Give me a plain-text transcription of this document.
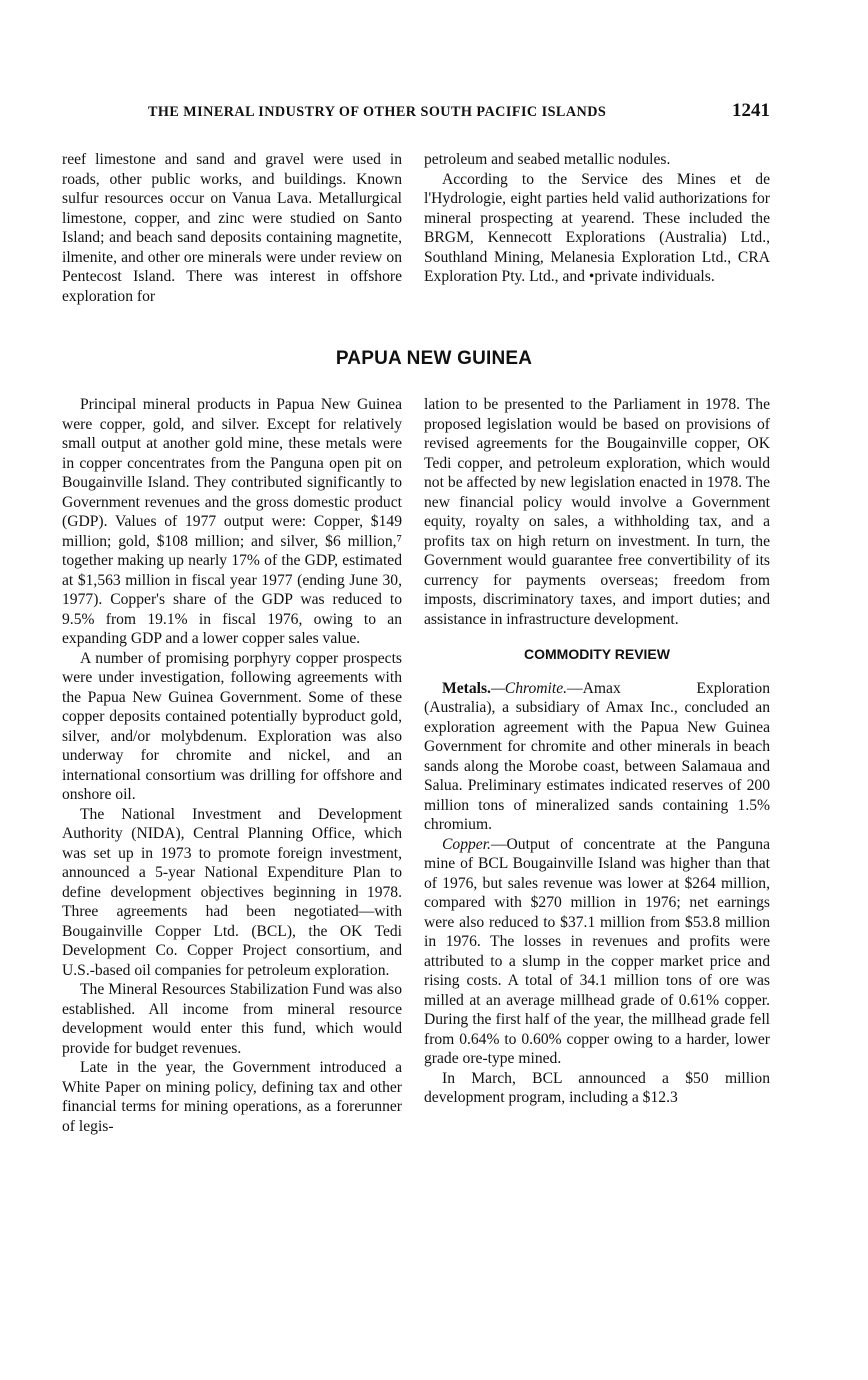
THE MINERAL INDUSTRY OF OTHER SOUTH PACIFIC ISLANDS	1241

reef limestone and sand and gravel were used in roads, other public works, and buildings. Known sulfur resources occur on Vanua Lava. Metallurgical limestone, copper, and zinc were studied on Santo Island; and beach sand deposits containing magnetite, ilmenite, and other ore minerals were under review on Pentecost Island. There was interest in offshore exploration for

petroleum and seabed metallic nodules.

According to the Service des Mines et de l'Hydrologie, eight parties held valid authorizations for mineral prospecting at yearend. These included the BRGM, Kennecott Explorations (Australia) Ltd., Southland Mining, Melanesia Exploration Ltd., CRA Exploration Pty. Ltd., and •private individuals.

PAPUA NEW GUINEA

Principal mineral products in Papua New Guinea were copper, gold, and silver. Except for relatively small output at another gold mine, these metals were in copper concentrates from the Panguna open pit on Bougainville Island. They contributed significantly to Government revenues and the gross domestic product (GDP). Values of 1977 output were: Copper, $149 million; gold, $108 million; and silver, $6 million,⁷ together making up nearly 17% of the GDP, estimated at $1,563 million in fiscal year 1977 (ending June 30, 1977). Copper's share of the GDP was reduced to 9.5% from 19.1% in fiscal 1976, owing to an expanding GDP and a lower copper sales value.

A number of promising porphyry copper prospects were under investigation, following agreements with the Papua New Guinea Government. Some of these copper deposits contained potentially byproduct gold, silver, and/or molybdenum. Exploration was also underway for chromite and nickel, and an international consortium was drilling for offshore and onshore oil.

The National Investment and Development Authority (NIDA), Central Planning Office, which was set up in 1973 to promote foreign investment, announced a 5-year National Expenditure Plan to define development objectives beginning in 1978. Three agreements had been negotiated—with Bougainville Copper Ltd. (BCL), the OK Tedi Development Co. Copper Project consortium, and U.S.-based oil companies for petroleum exploration.

The Mineral Resources Stabilization Fund was also established. All income from mineral resource development would enter this fund, which would provide for budget revenues.

Late in the year, the Government introduced a White Paper on mining policy, defining tax and other financial terms for mining operations, as a forerunner of legis-

lation to be presented to the Parliament in 1978. The proposed legislation would be based on provisions of revised agreements for the Bougainville copper, OK Tedi copper, and petroleum exploration, which would not be affected by new legislation enacted in 1978. The new financial policy would involve a Government equity, royalty on sales, a withholding tax, and a profits tax on high return on investment. In turn, the Government would guarantee free convertibility of its currency for payments overseas; freedom from imposts, discriminatory taxes, and import duties; and assistance in infrastructure development.

COMMODITY REVIEW

Metals.—Chromite.—Amax Exploration (Australia), a subsidiary of Amax Inc., concluded an exploration agreement with the Papua New Guinea Government for chromite and other minerals in beach sands along the Morobe coast, between Salamaua and Salua. Preliminary estimates indicated reserves of 200 million tons of mineralized sands containing 1.5% chromium.

Copper.—Output of concentrate at the Panguna mine of BCL Bougainville Island was higher than that of 1976, but sales revenue was lower at $264 million, compared with $270 million in 1976; net earnings were also reduced to $37.1 million from $53.8 million in 1976. The losses in revenues and profits were attributed to a slump in the copper market price and rising costs. A total of 34.1 million tons of ore was milled at an average millhead grade of 0.61% copper. During the first half of the year, the millhead grade fell from 0.64% to 0.60% copper owing to a harder, lower grade ore-type mined.

In March, BCL announced a $50 million development program, including a $12.3
